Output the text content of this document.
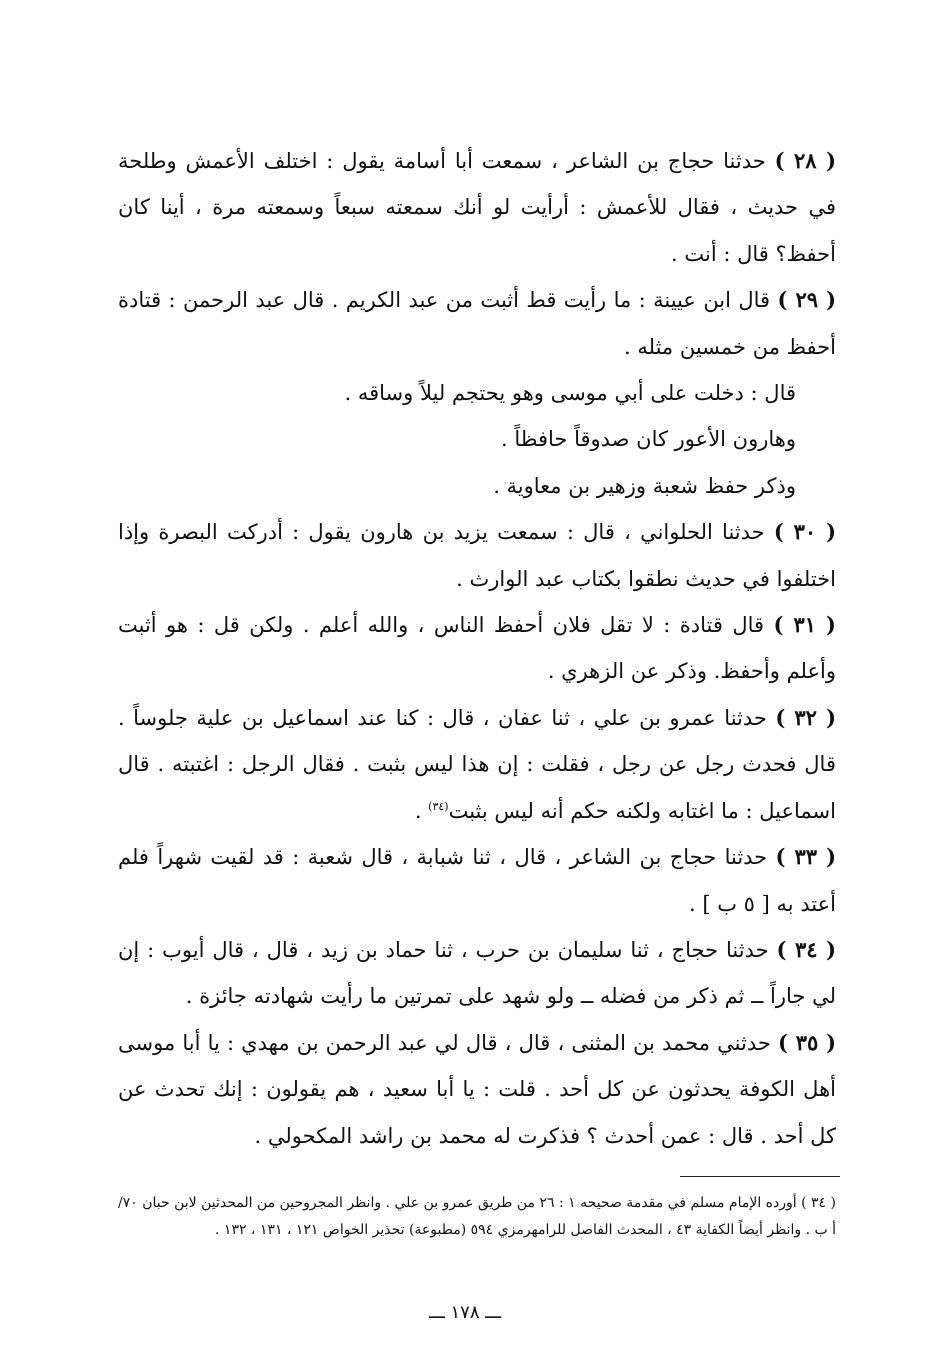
( ٢٨ ) حدثنا حجاج بن الشاعر ، سمعت أبا أسامة يقول : اختلف الأعمش وطلحة في حديث ، فقال للأعمش : أرأيت لو أنك سمعته سبعاً وسمعته مرة ، أينا كان أحفظ؟ قال : أنت .

( ٢٩ ) قال ابن عيينة : ما رأيت قط أثبت من عبد الكريم . قال عبد الرحمن : قتادة أحفظ من خمسين مثله .

قال : دخلت على أبي موسى وهو يحتجم ليلاً وساقه .

وهارون الأعور كان صدوقاً حافظاً .

وذكر حفظ شعبة وزهير بن معاوية .

( ٣٠ ) حدثنا الحلواني ، قال : سمعت يزيد بن هارون يقول : أدركت البصرة وإذا اختلفوا في حديث نطقوا بكتاب عبد الوارث .

( ٣١ ) قال قتادة : لا تقل فلان أحفظ الناس ، والله أعلم . ولكن قل : هو أثبت وأعلم وأحفظ. وذكر عن الزهري .

( ٣٢ ) حدثنا عمرو بن علي ، ثنا عفان ، قال : كنا عند اسماعيل بن علية جلوساً . قال فحدث رجل عن رجل ، فقلت : إن هذا ليس بثبت . فقال الرجل : اغتبته . قال اسماعيل : ما اغتابه ولكنه حكم أنه ليس بثبت$^{(٣٤)}$ .

( ٣٣ ) حدثنا حجاج بن الشاعر ، قال ، ثنا شبابة ، قال شعبة : قد لقيت شهراً فلم أعتد به [ ٥ ب ] .

( ٣٤ ) حدثنا حجاج ، ثنا سليمان بن حرب ، ثنا حماد بن زيد ، قال ، قال أيوب : إن لي جاراً ــ ثم ذكر من فضله ــ ولو شهد على تمرتين ما رأيت شهادته جائزة .

( ٣٥ ) حدثني محمد بن المثنى ، قال ، قال لي عبد الرحمن بن مهدي : يا أبا موسى أهل الكوفة يحدثون عن كل أحد . قلت : يا أبا سعيد ، هم يقولون : إنك تحدث عن كل أحد . قال : عمن أحدث ؟ فذكرت له محمد بن راشد المكحولي .

( ٣٤ ) أورده الإمام مسلم في مقدمة صحيحه ١ : ٢٦ من طريق عمرو بن علي . وانظر المجروحين من المحدثين لابن حبان ٧٠/أ ب . وانظر أيضاً الكفاية ٤٣ ، المحدث الفاصل للرامهرمزي ٥٩٤ (مطبوعة) تحذير الخواص ١٢١ ، ١٣١ ، ١٣٢ .
ـــ ١٧٨ ـــ
